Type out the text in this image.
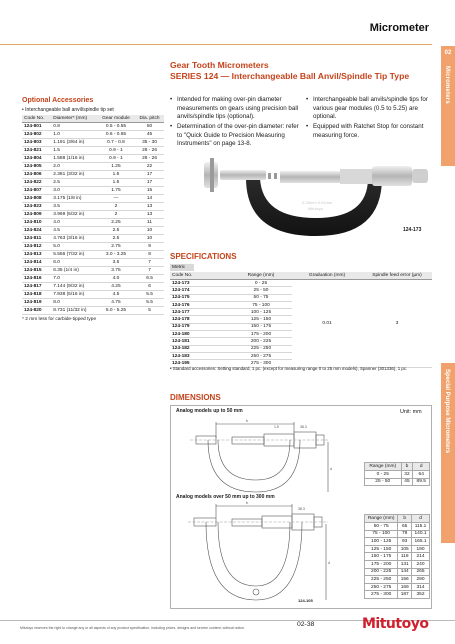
Micrometer
02
Micrometers
Special Purpose Micrometers
Gear Tooth Micrometers
SERIES 124 — Interchangeable Ball Anvil/Spindle Tip Type
• Intended for making over-pin diameter measurements on gears using precision ball anvils/spindle tips (optional).
• Determination of the over-pin diameter: refer to "Quick Guide to Precision Measuring Instruments" on page 13-8.
• Interchangeable ball anvils/spindle tips for various gear modules (0.5 to 5.25) are optional.
• Equipped with Ratchet Stop for constant measuring force.
Optional Accessories
• Interchangeable ball anvil/spindle tip set
Code No.	Diameter* (mm)	Gear module	Dia. pitch
124-801	0.8	0.5 - 0.55	50
124-802	1.0	0.6 - 0.65	45
124-803	1.191 (3/64 in)	0.7 - 0.8	35 - 30
124-821	1.5	0.9 - 1	28 - 26
124-804	1.588 (1/16 in)	0.9 - 1	28 - 26
124-805	2.0	1.25	22
124-806	2.381 (3/32 in)	1.5	17
124-822	2.5	1.5	17
124-807	3.0	1.75	15
124-808	3.175 (1/8 in)	—	14
124-823	3.5	2	13
124-809	3.969 (5/32 in)	2	13
124-810	4.0	2.25	11
124-824	4.5	2.5	10
124-811	4.763 (3/16 in)	2.5	10
124-812	5.0	2.75	9
124-813	5.556 (7/32 in)	3.0 - 3.25	8
124-814	6.0	3.5	7
124-815	6.35 (1/4 in)	3.75	7
124-816	7.0	4.0	6.5
124-817	7.144 (9/32 in)	4.25	6
124-818	7.938 (5/16 in)	4.5	5.5
124-819	8.0	4.75	5.5
124-820	8.731 (11/32 in)	5.0 - 5.25	5
* 2 mm less for carbide-tipped type
0-25mm 0.01mm
Mitutoyo
124-173
SPECIFICATIONS
Metric
Code No.	Range (mm)	Graduation (mm)	Spindle feed error (µm)
124-173	0 - 25	0.01	3
124-174	25 - 50		
124-175	50 - 75		
124-176	75 - 100		
124-177	100 - 125		
124-178	125 - 150		
124-179	150 - 175		
124-180	175 - 200		
124-181	200 - 225		
124-182	225 - 250		
124-183	250 - 275		
124-195	275 - 300		
• Standard accessories: Setting standard, 1 pc. (except for measuring range 0 to 25 mm models), Spanner (301336), 1 pc.
DIMENSIONS
Analog models up to 50 mm	Unit: mm
b
d
38.3
1.5
Analog models over 50 mm up to 300 mm
b
d
38.3
124-105
Range (mm)	b	d
0 - 25	32	64
25 - 50	45	89.5
Range (mm)	b	d
50 - 75	65	115.1
75 - 100	79	140.1
100 - 125	93	165.1
125 - 150	105	190
150 - 175	118	214
175 - 200	131	240
200 - 225	144	265
225 - 250	156	290
250 - 275	169	314
275 - 300	187	352
Mitutoyo reserves the right to change any or all aspects of any product specification, including prices, designs and service content, without notice.	02-38	Mitutoyo
